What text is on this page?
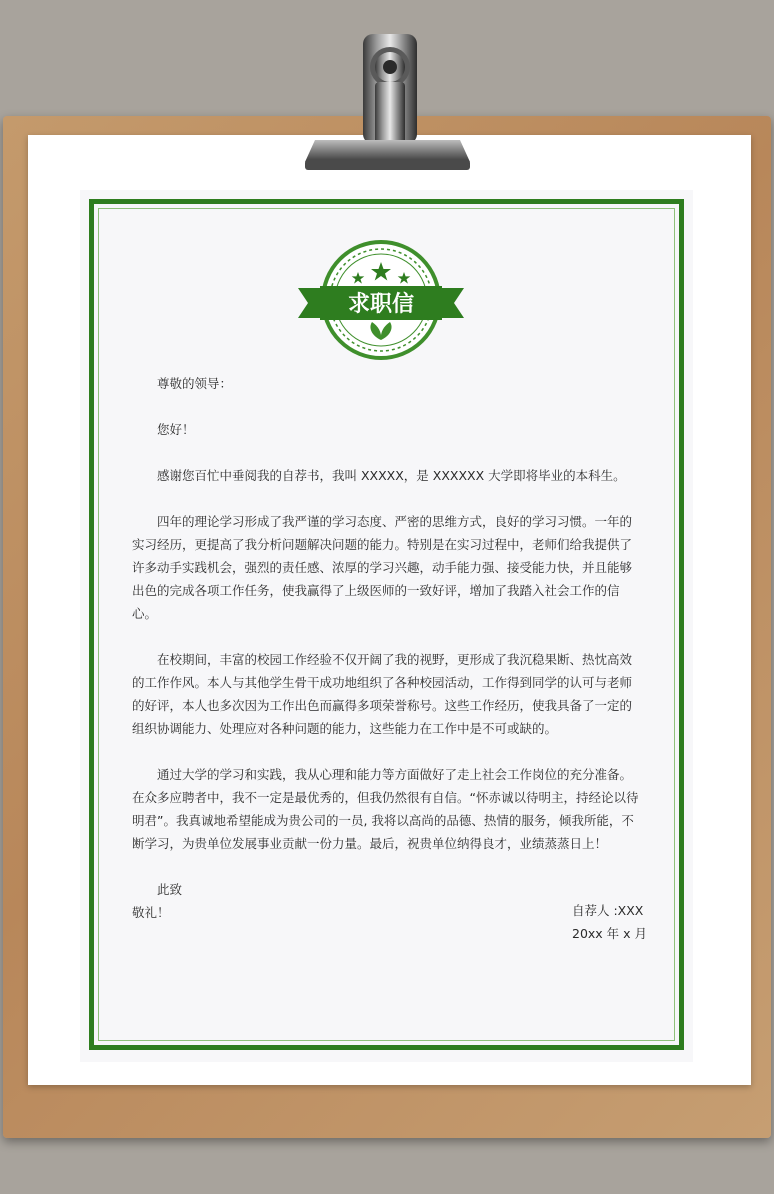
求职信

尊敬的领导：

您好！

感谢您百忙中垂阅我的自荐书，我叫 XXXXX，是 XXXXXX 大学即将毕业的本科生。

四年的理论学习形成了我严谨的学习态度、严密的思维方式，良好的学习习惯。一年的实习经历，更提高了我分析问题解决问题的能力。特别是在实习过程中，老师们给我提供了许多动手实践机会，强烈的责任感、浓厚的学习兴趣，动手能力强、接受能力快，并且能够出色的完成各项工作任务，使我赢得了上级医师的一致好评，增加了我踏入社会工作的信心。

在校期间，丰富的校园工作经验不仅开阔了我的视野，更形成了我沉稳果断、热忱高效的工作作风。本人与其他学生骨干成功地组织了各种校园活动，工作得到同学的认可与老师的好评，本人也多次因为工作出色而赢得多项荣誉称号。这些工作经历，使我具备了一定的组织协调能力、处理应对各种问题的能力，这些能力在工作中是不可或缺的。

通过大学的学习和实践，我从心理和能力等方面做好了走上社会工作岗位的充分准备。在众多应聘者中，我不一定是最优秀的，但我仍然很有自信。“怀赤诚以待明主，持经论以待明君”。我真诚地希望能成为贵公司的一员, 我将以高尚的品德、热情的服务，倾我所能，不断学习，为贵单位发展事业贡献一份力量。最后，祝贵单位纳得良才，业绩蒸蒸日上！

此致

敬礼！	自荐人 :XXX
20xx 年 x 月
